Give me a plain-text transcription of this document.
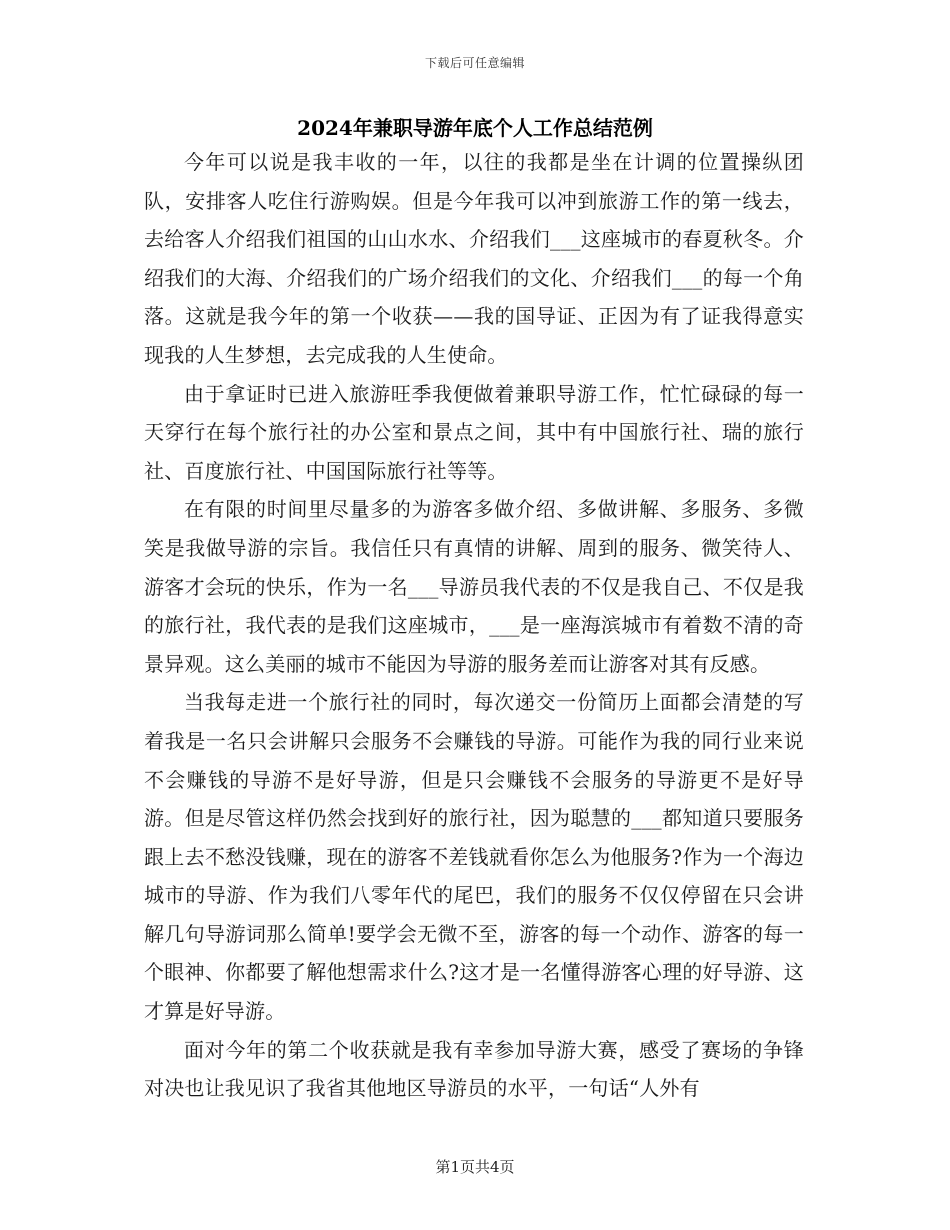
下载后可任意编辑
2024年兼职导游年底个人工作总结范例

今年可以说是我丰收的一年，以往的我都是坐在计调的位置操纵团队，安排客人吃住行游购娱。但是今年我可以冲到旅游工作的第一线去，去给客人介绍我们祖国的山山水水、介绍我们___这座城市的春夏秋冬。介绍我们的大海、介绍我们的广场介绍我们的文化、介绍我们___的每一个角落。这就是我今年的第一个收获——我的国导证、正因为有了证我得意实现我的人生梦想，去完成我的人生使命。

由于拿证时已进入旅游旺季我便做着兼职导游工作，忙忙碌碌的每一天穿行在每个旅行社的办公室和景点之间，其中有中国旅行社、瑞的旅行社、百度旅行社、中国国际旅行社等等。

在有限的时间里尽量多的为游客多做介绍、多做讲解、多服务、多微笑是我做导游的宗旨。我信任只有真情的讲解、周到的服务、微笑待人、游客才会玩的快乐，作为一名___导游员我代表的不仅是我自己、不仅是我的旅行社，我代表的是我们这座城市，___是一座海滨城市有着数不清的奇景异观。这么美丽的城市不能因为导游的服务差而让游客对其有反感。

当我每走进一个旅行社的同时，每次递交一份简历上面都会清楚的写着我是一名只会讲解只会服务不会赚钱的导游。可能作为我的同行业来说不会赚钱的导游不是好导游，但是只会赚钱不会服务的导游更不是好导游。但是尽管这样仍然会找到好的旅行社，因为聪慧的___都知道只要服务跟上去不愁没钱赚，现在的游客不差钱就看你怎么为他服务?作为一个海边城市的导游、作为我们八零年代的尾巴，我们的服务不仅仅停留在只会讲解几句导游词那么简单!要学会无微不至，游客的每一个动作、游客的每一个眼神、你都要了解他想需求什么?这才是一名懂得游客心理的好导游、这才算是好导游。

面对今年的第二个收获就是我有幸参加导游大赛，感受了赛场的争锋对决也让我见识了我省其他地区导游员的水平，一句话“人外有

第1页共4页
